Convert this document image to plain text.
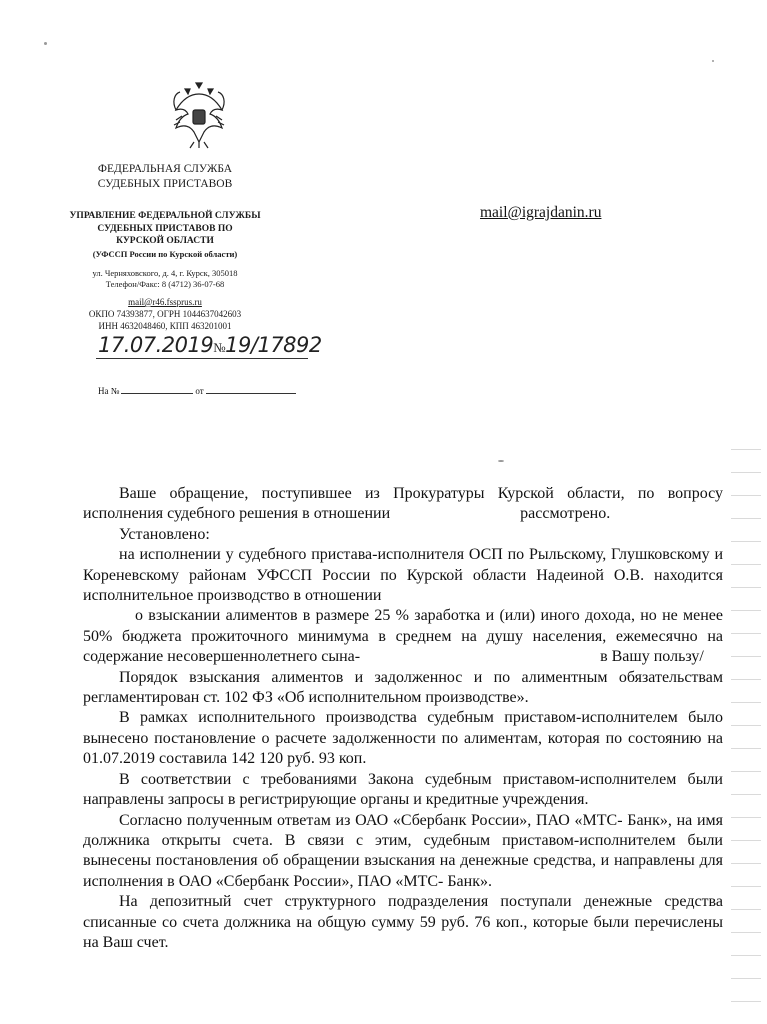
ФЕДЕРАЛЬНАЯ СЛУЖБА
СУДЕБНЫХ ПРИСТАВОВ
УПРАВЛЕНИЕ ФЕДЕРАЛЬНОЙ СЛУЖБЫ
СУДЕБНЫХ ПРИСТАВОВ ПО
КУРСКОЙ ОБЛАСТИ
(УФССП России по Курской области)
ул. Черняховского, д. 4, г. Курск, 305018
Телефон/Факс: 8 (4712) 36-07-68
mail@r46.fssprus.ru
ОКПО 74393877, ОГРН 1044637042603
ИНН 4632048460, КПП 463201001
mail@igrajdanin.ru
17.07.2019№19/17892
На №	от

Ваше обращение, поступившее из Прокуратуры Курской области, по вопросу исполнения судебного решения в отношении	рассмотрено.

Установлено:

на исполнении у судебного пристава-исполнителя ОСП по Рыльскому, Глушковскому и Кореневскому районам УФССП России по Курской области Надеиной О.В. находится исполнительное производство в отношении

о взыскании алиментов в размере 25 % заработка и (или) иного дохода, но не менее 50% бюджета прожиточного минимума в среднем на душу населения, ежемесячно на содержание несовершеннолетнего сына-	в Вашу пользу/

Порядок взыскания алиментов и задолженнос и по алиментным обязательствам регламентирован ст. 102 ФЗ «Об исполнительном производстве».

В рамках исполнительного производства судебным приставом-исполнителем было вынесено постановление о расчете задолженности по алиментам, которая по состоянию на 01.07.2019 составила 142 120 руб. 93 коп.

В соответствии с требованиями Закона судебным приставом-исполнителем были направлены запросы в регистрирующие органы и кредитные учреждения.

Согласно полученным ответам из ОАО «Сбербанк России», ПАО «МТС- Банк», на имя должника открыты счета. В связи с этим, судебным приставом-исполнителем были вынесены постановления об обращении взыскания на денежные средства, и направлены для исполнения в ОАО «Сбербанк России», ПАО «МТС- Банк».

На депозитный счет структурного подразделения поступали денежные средства списанные со счета должника на общую сумму 59 руб. 76 коп., которые были перечислены на Ваш счет.
